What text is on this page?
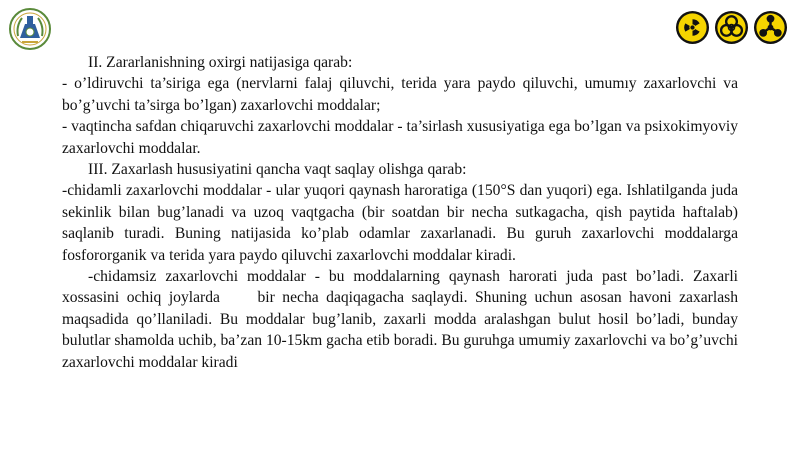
II. Zararlanishning oxirgi natijasiga qarab:

- o’ldiruvchi ta’siriga ega (nervlarni falaj qiluvchi, terida yara paydo qiluvchi, umumıy zaxarlovchi va bo’g’uvchi ta’sirga bo’lgan) zaxarlovchi moddalar;

- vaqtincha safdan chiqaruvchi zaxarlovchi moddalar - ta’sirlash xususiyatiga ega bo’lgan va psixokimyoviy zaxarlovchi moddalar.

III. Zaxarlash hususiyatini qancha vaqt saqlay olishga qarab:

-chidamli zaxarlovchi moddalar - ular yuqori qaynash haroratiga (150°S dan yuqori) ega. Ishlatilganda juda sekinlik bilan bug’lanadi va uzoq vaqtgacha (bir soatdan bir necha sutkagacha, qish paytida haftalab) saqlanib turadi. Buning natijasida ko’plab odamlar zaxarlanadi. Bu guruh zaxarlovchi moddalarga fosfororganik va terida yara paydo qiluvchi zaxarlovchi moddalar kiradi.

-chidamsiz zaxarlovchi moddalar - bu moddalarning qaynash harorati juda past bo’ladi. Zaxarli xossasini ochiq joylarda     bir necha daqiqagacha saqlaydi. Shuning uchun asosan havoni zaxarlash maqsadida qo’llaniladi. Bu moddalar bug’lanib, zaxarli modda aralashgan bulut hosil bo’ladi, bunday bulutlar shamolda uchib, ba’zan 10-15km gacha etib boradi. Bu guruhga umumiy zaxarlovchi va bo’g’uvchi zaxarlovchi moddalar kiradi
